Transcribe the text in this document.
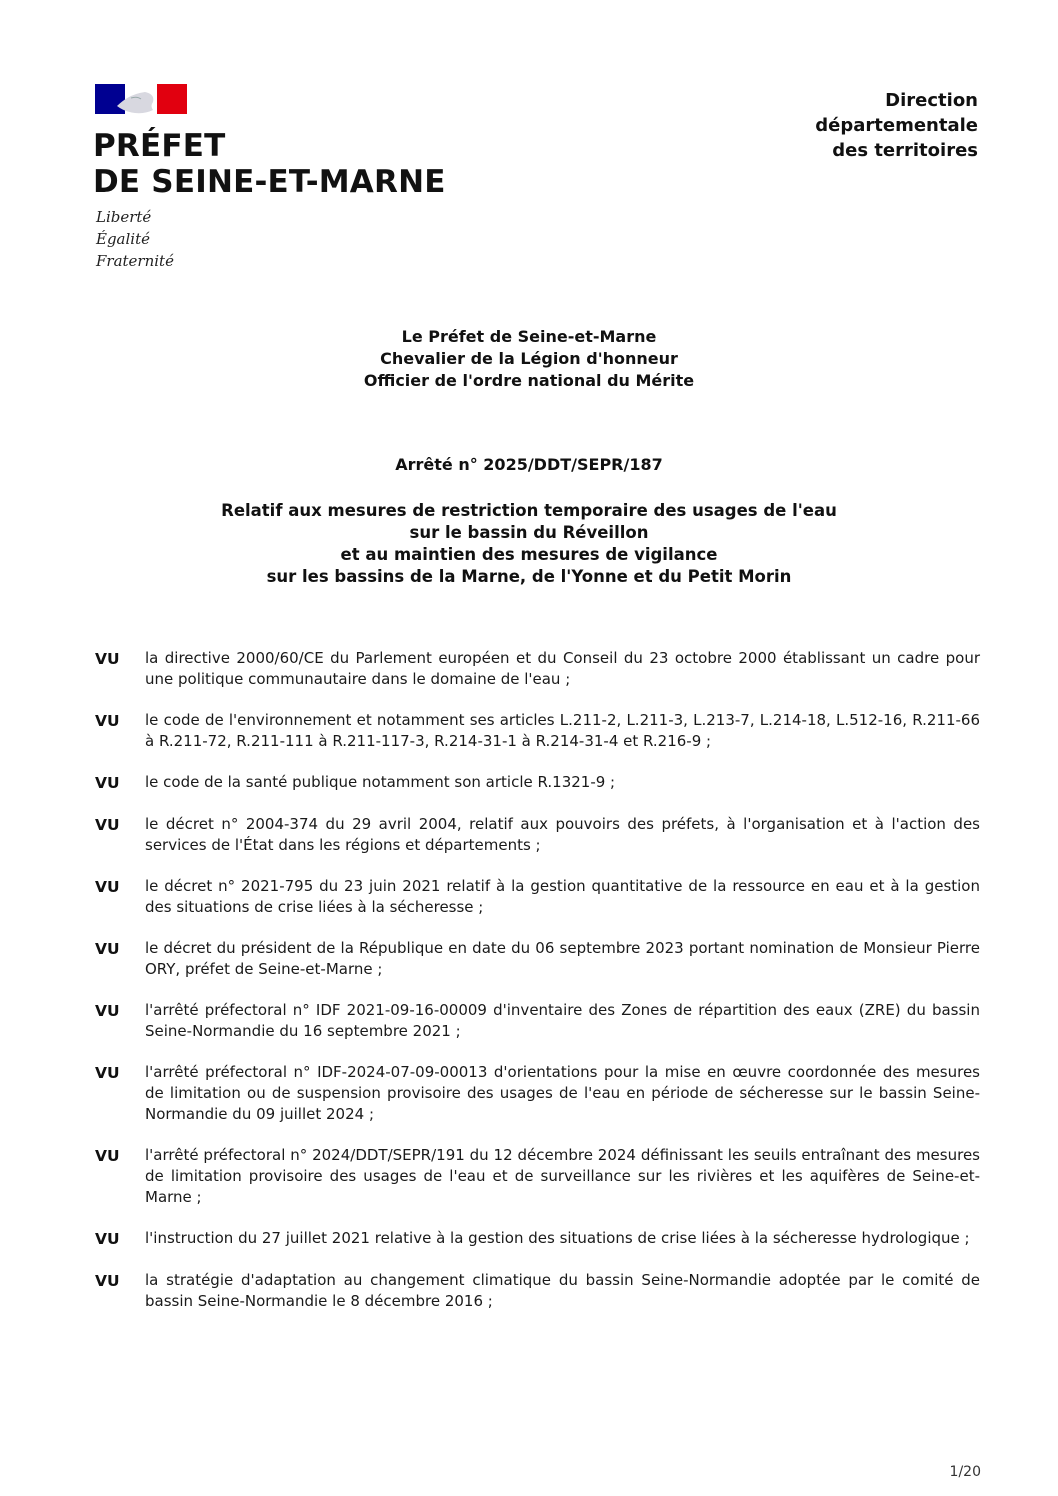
PRÉFET
DE SEINE-ET-MARNE
Liberté
Égalité
Fraternité
Direction
départementale
des territoires
Le Préfet de Seine-et-Marne
Chevalier de la Légion d'honneur
Officier de l'ordre national du Mérite
Arrêté n° 2025/DDT/SEPR/187
Relatif aux mesures de restriction temporaire des usages de l'eau
sur le bassin du Réveillon
et au maintien des mesures de vigilance
sur les bassins de la Marne, de l'Yonne et du Petit Morin
VU	la directive 2000/60/CE du Parlement européen et du Conseil du 23 octobre 2000 établissant un cadre pour une politique communautaire dans le domaine de l'eau ;
VU	le code de l'environnement et notamment ses articles L.211-2, L.211-3, L.213-7, L.214-18, L.512-16, R.211-66 à R.211-72, R.211-111 à R.211-117-3, R.214-31-1 à R.214-31-4 et R.216-9 ;
VU	le code de la santé publique notamment son article R.1321-9 ;
VU	le décret n° 2004-374 du 29 avril 2004, relatif aux pouvoirs des préfets, à l'organisation et à l'action des services de l'État dans les régions et départements ;
VU	le décret n° 2021-795 du 23 juin 2021 relatif à la gestion quantitative de la ressource en eau et à la gestion des situations de crise liées à la sécheresse ;
VU	le décret du président de la République en date du 06 septembre 2023 portant nomination de Monsieur Pierre ORY, préfet de Seine-et-Marne ;
VU	l'arrêté préfectoral n° IDF 2021-09-16-00009 d'inventaire des Zones de répartition des eaux (ZRE) du bassin Seine-Normandie du 16 septembre 2021 ;
VU	l'arrêté préfectoral n° IDF-2024-07-09-00013 d'orientations pour la mise en œuvre coordonnée des mesures de limitation ou de suspension provisoire des usages de l'eau en période de sécheresse sur le bassin Seine-Normandie du 09 juillet 2024 ;
VU	l'arrêté préfectoral n° 2024/DDT/SEPR/191 du 12 décembre 2024 définissant les seuils entraînant des mesures de limitation provisoire des usages de l'eau et de surveillance sur les rivières et les aquifères de Seine-et-Marne ;
VU	l'instruction du 27 juillet 2021 relative à la gestion des situations de crise liées à la sécheresse hydrologique ;
VU	la stratégie d'adaptation au changement climatique du bassin Seine-Normandie adoptée par le comité de bassin Seine-Normandie le 8 décembre 2016 ;
1/20
